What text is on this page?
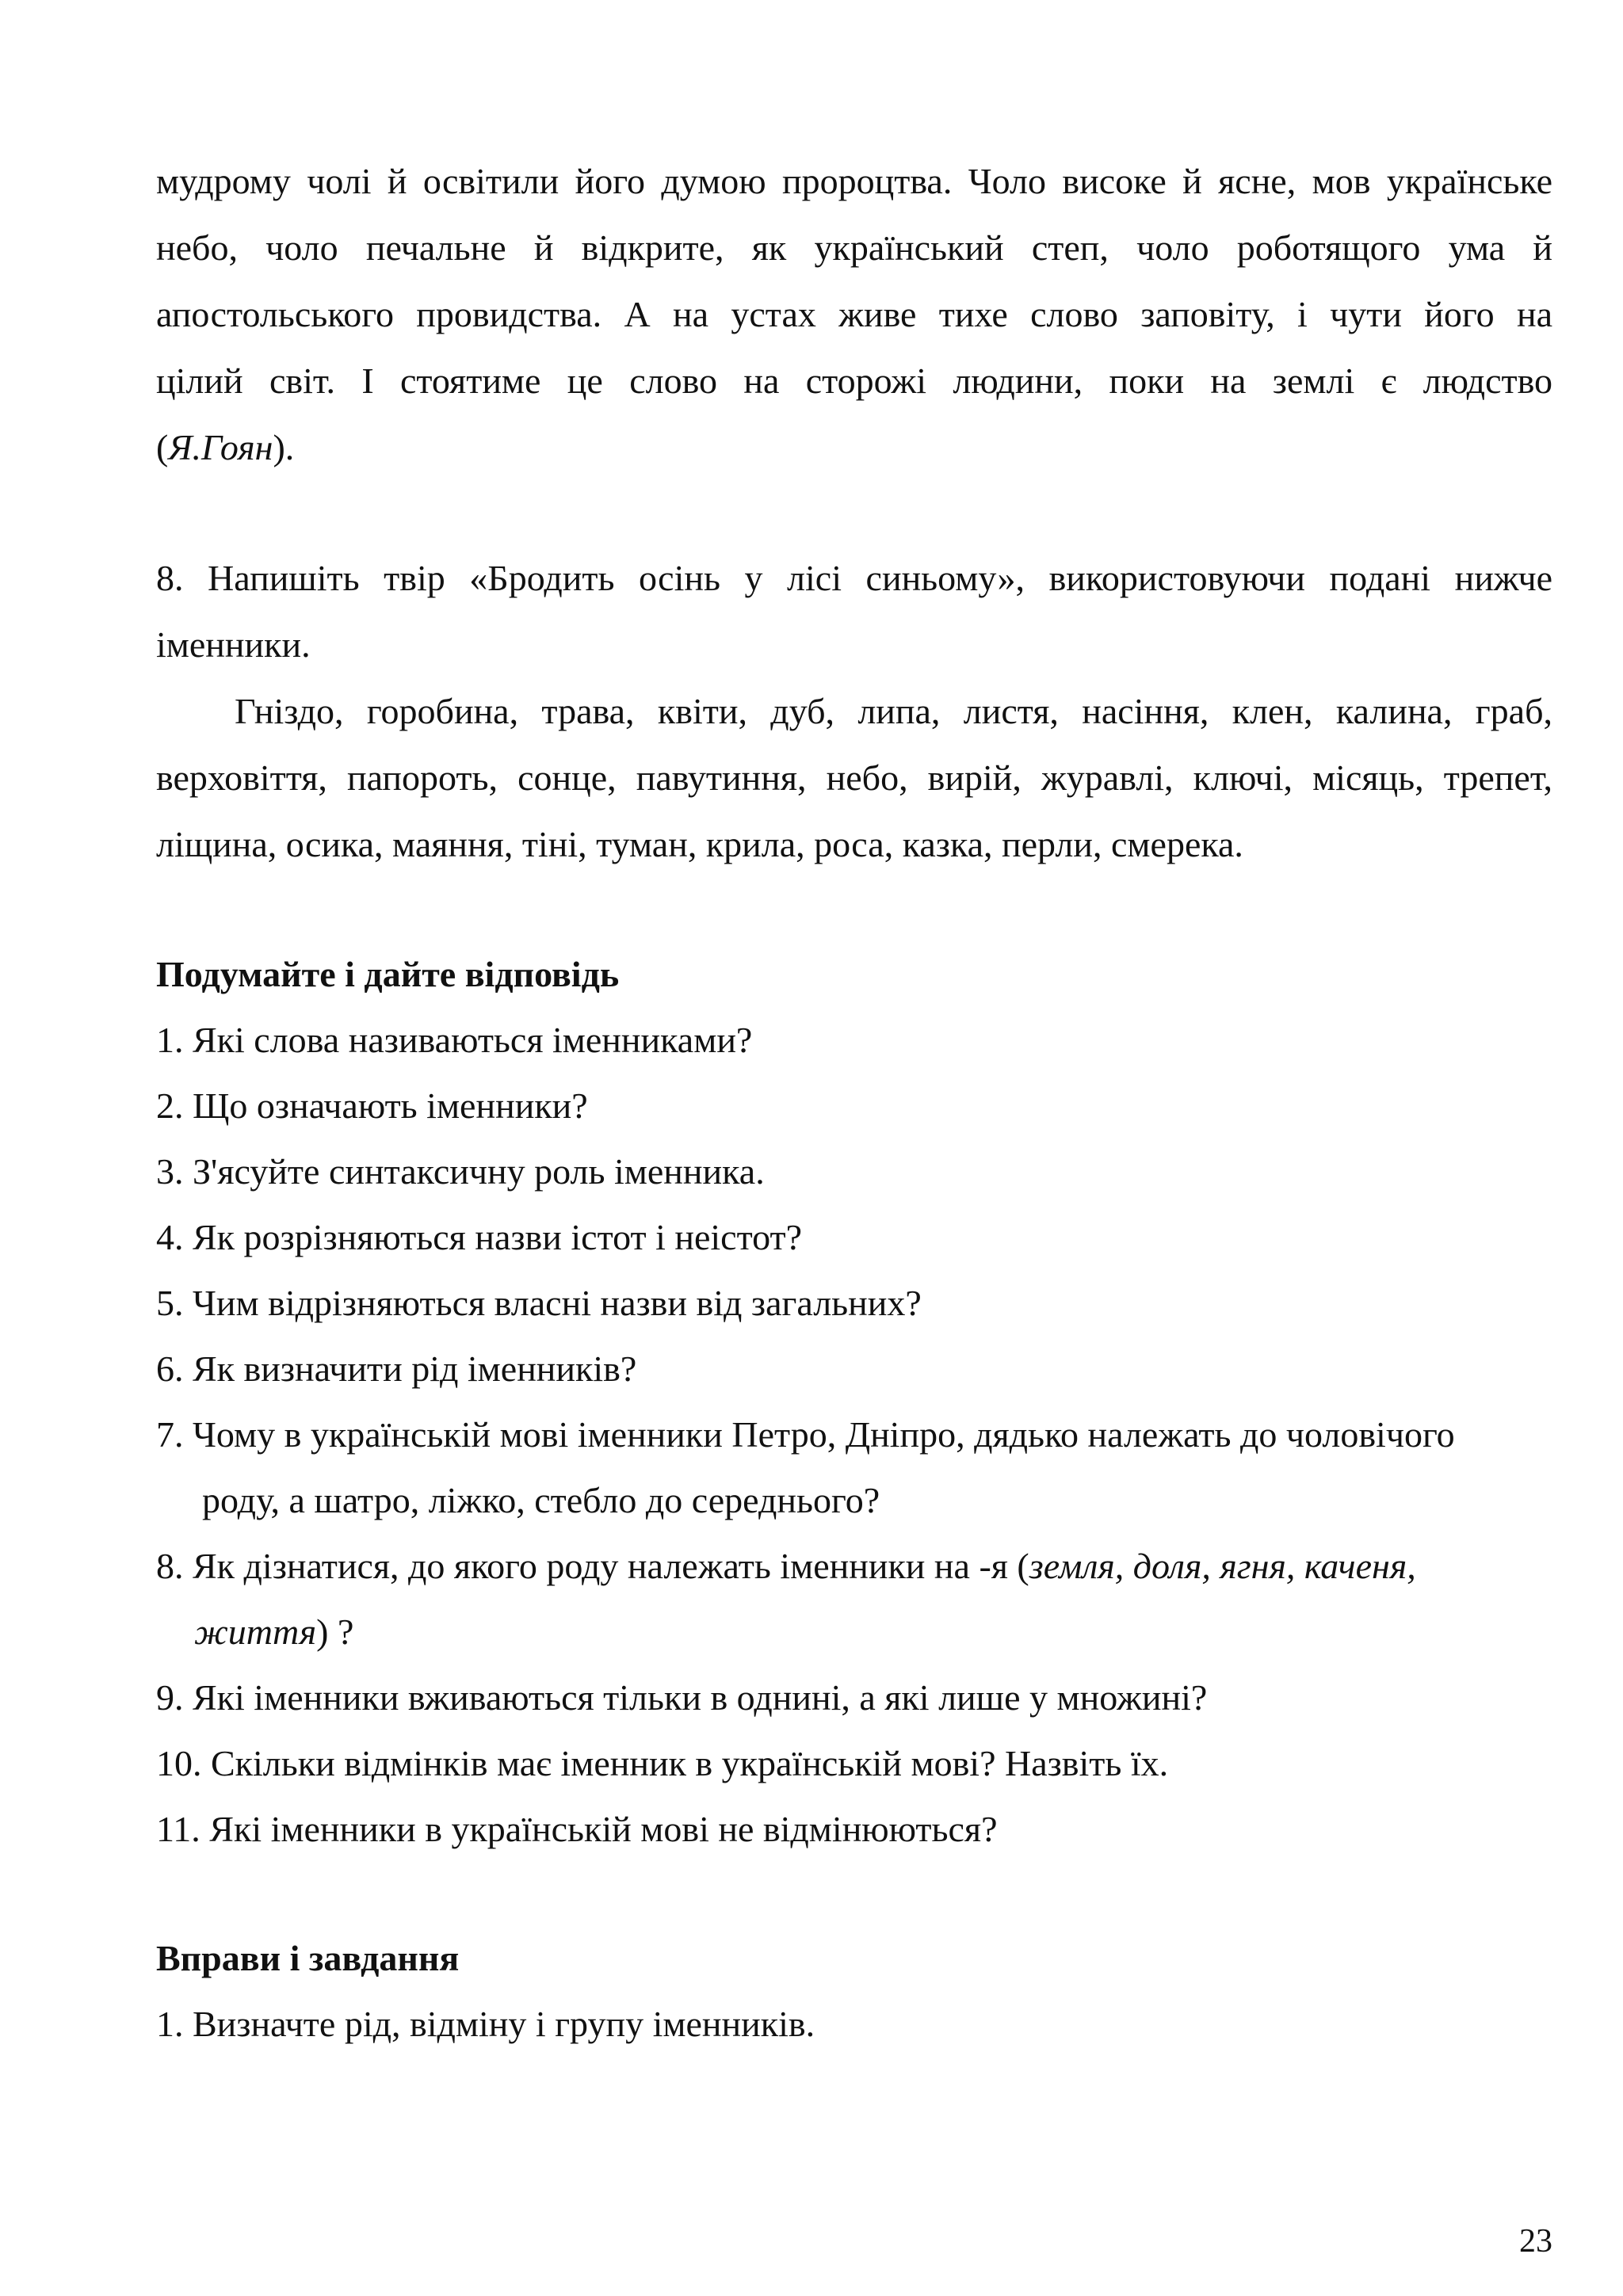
мудрому чолі й освітили його думою пророцтва. Чоло високе й ясне, мов українське
небо, чоло печальне й відкрите, як український степ, чоло роботящого ума й
апостольського провидства. А на устах живе тихе слово заповіту, і чути його на
цілий світ. І стоятиме це слово на сторожі людини, поки на землі є людство
(Я.Гоян).
8. Напишіть твір «Бродить осінь у лісі синьому», використовуючи подані нижче
іменники.
Гніздо, горобина, трава, квіти, дуб, липа, листя, насіння, клен, калина, граб,
верховіття, папороть, сонце, павутиння, небо, вирій, журавлі, ключі, місяць, трепет,
ліщина, осика, маяння, тіні, туман, крила, роса, казка, перли, смерека.
Подумайте і дайте відповідь
1. Які слова називаються іменниками?
2. Що означають іменники?
3. З'ясуйте синтаксичну роль іменника.
4. Як розрізняються назви істот і неістот?
5. Чим відрізняються власні назви від загальних?
6. Як визначити рід іменників?
7. Чому в українській мові іменники Петро, Дніпро, дядько належать до чоловічого
роду, а шатро, ліжко, стебло до середнього?
8. Як дізнатися, до якого роду належать іменники на -я (земля, доля, ягня, каченя,
життя) ?
9. Які іменники вживаються тільки в однині, а які лише у множині?
10. Скільки відмінків має іменник в українській мові? Назвіть їх.
11. Які іменники в українській мові не відмінюються?
Вправи і завдання
1. Визначте рід, відміну і групу іменників.
23
